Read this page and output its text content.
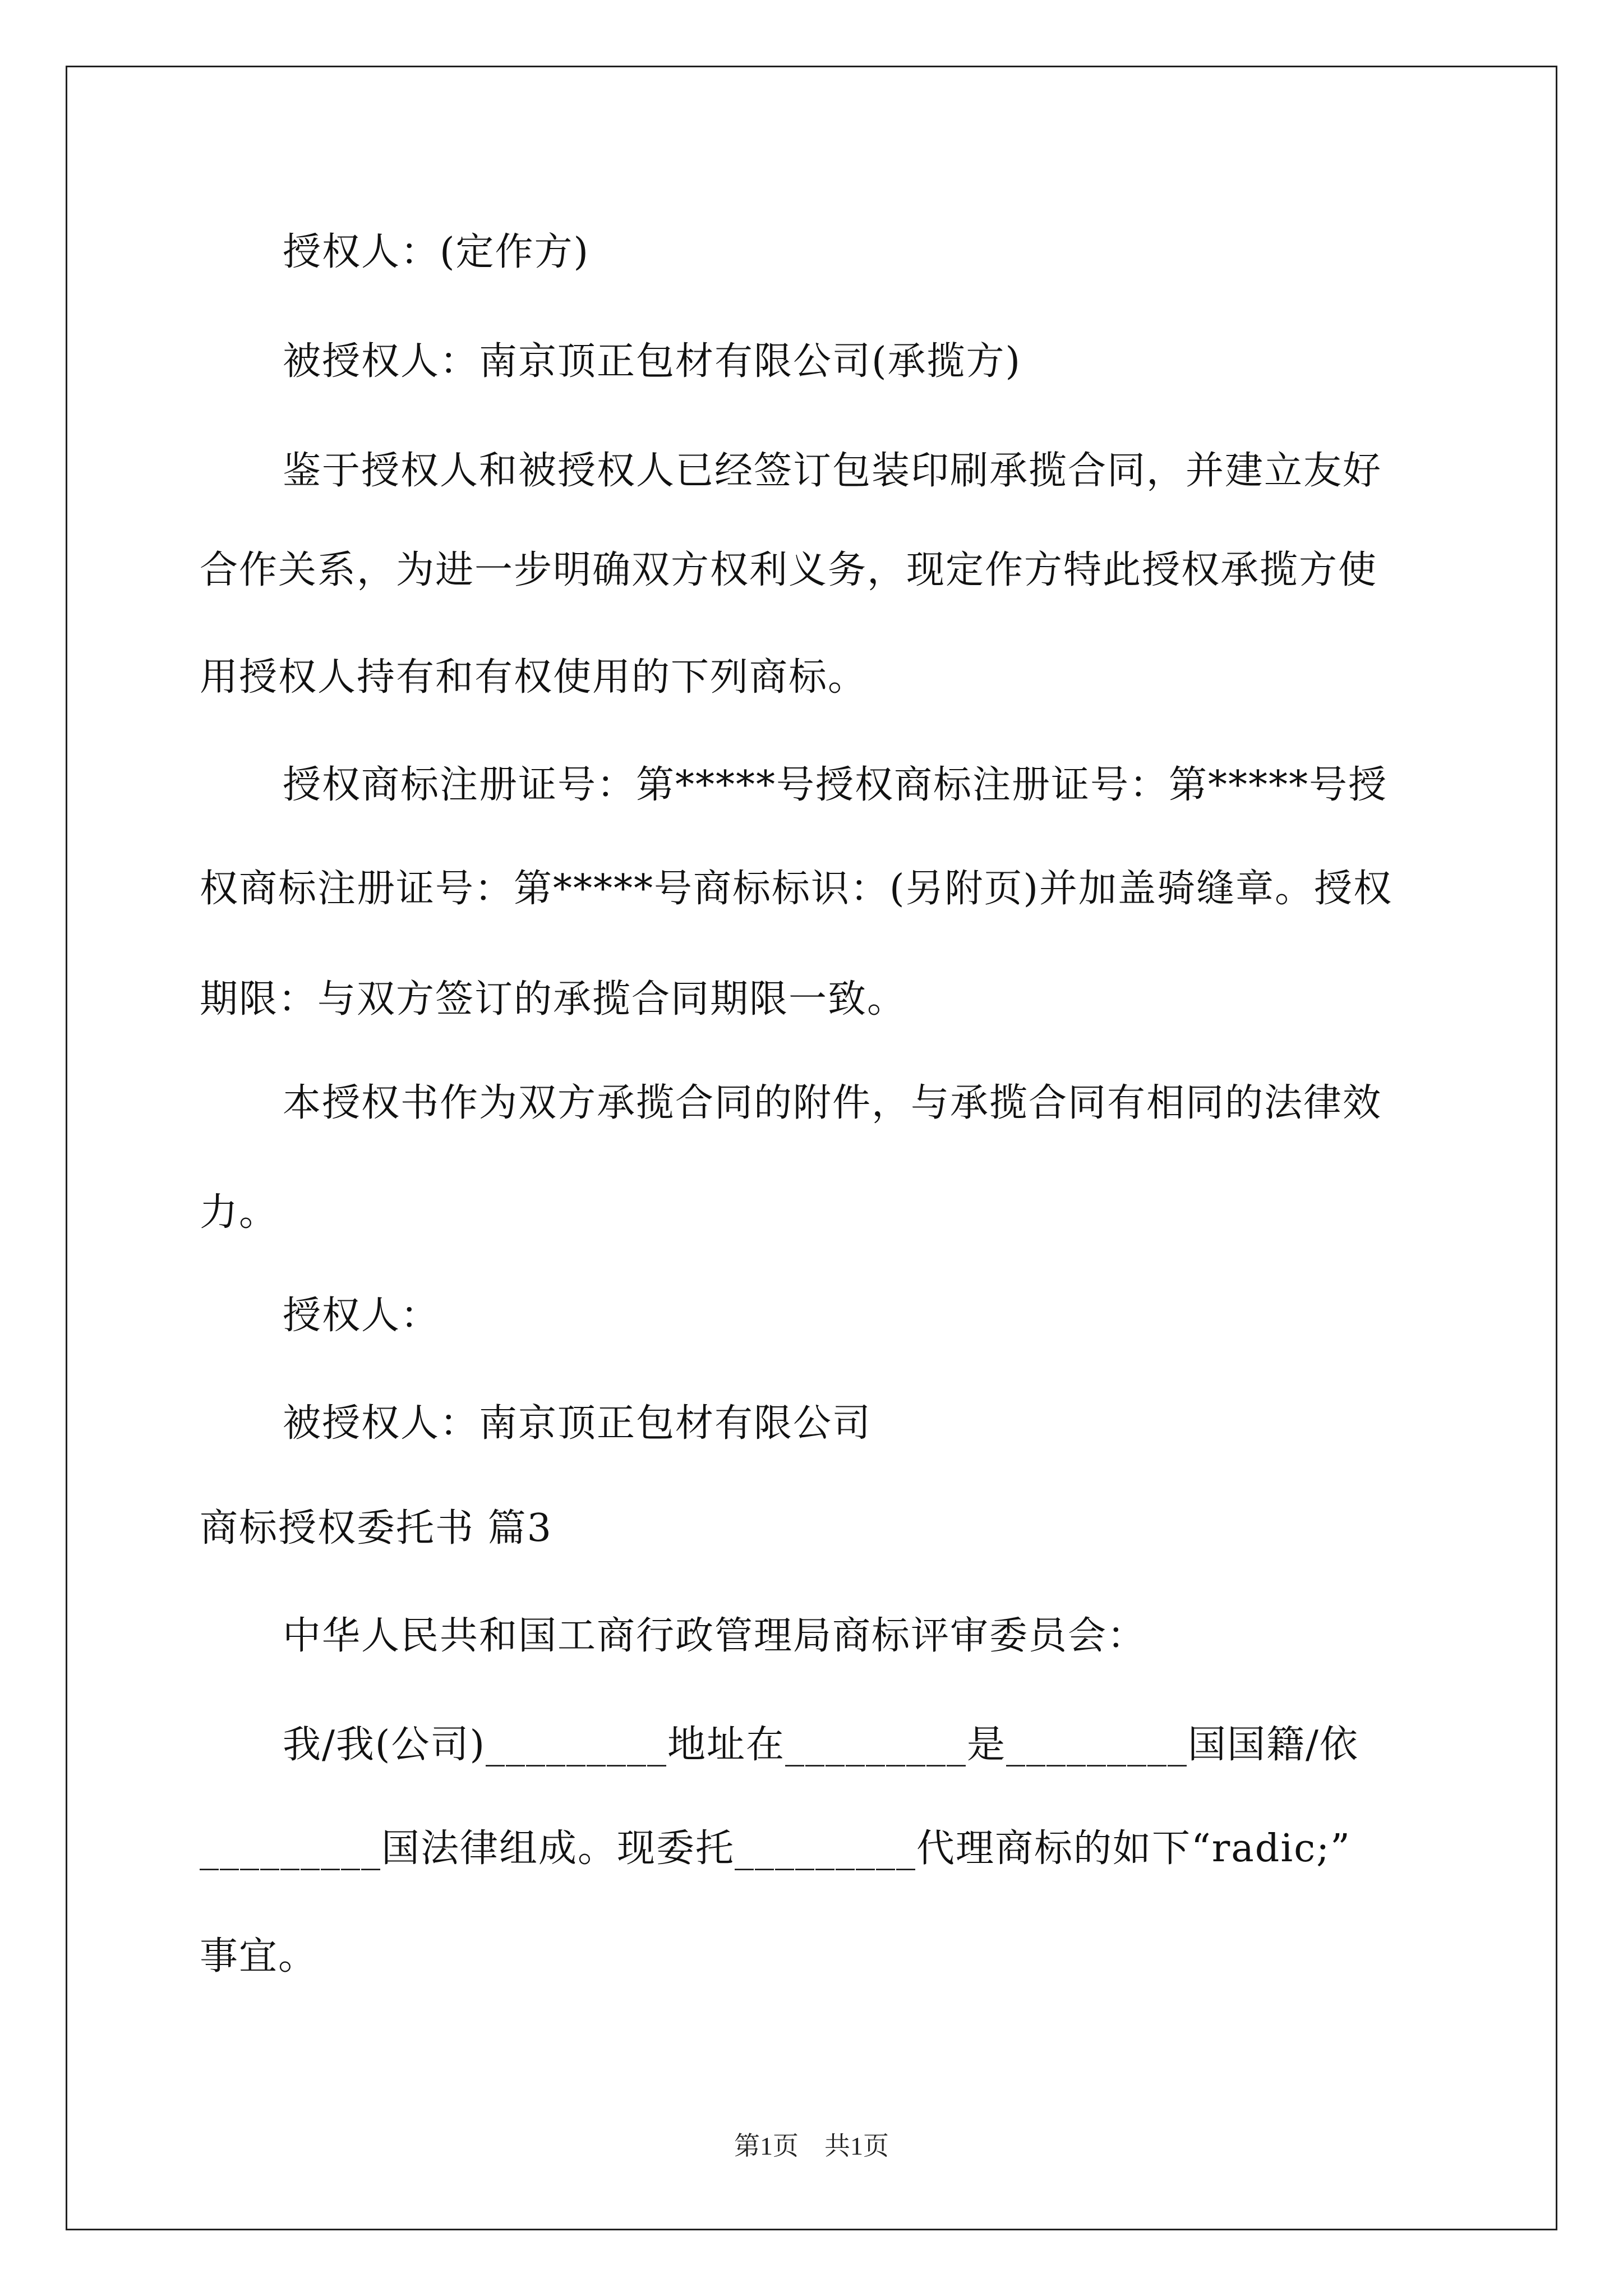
授权人：(定作方)
被授权人：南京顶正包材有限公司(承揽方)
鉴于授权人和被授权人已经签订包装印刷承揽合同，并建立友好
合作关系，为进一步明确双方权利义务，现定作方特此授权承揽方使
用授权人持有和有权使用的下列商标。
授权商标注册证号：第*****号授权商标注册证号：第*****号授
权商标注册证号：第*****号商标标识：(另附页)并加盖骑缝章。授权
期限：与双方签订的承揽合同期限一致。
本授权书作为双方承揽合同的附件，与承揽合同有相同的法律效
力。
授权人：
被授权人：南京顶正包材有限公司
商标授权委托书 篇3
中华人民共和国工商行政管理局商标评审委员会：
我/我(公司)_________地址在_________是_________国国籍/依
_________国法律组成。现委托_________代理商标的如下“radic;”
事宜。
第1页　共1页
